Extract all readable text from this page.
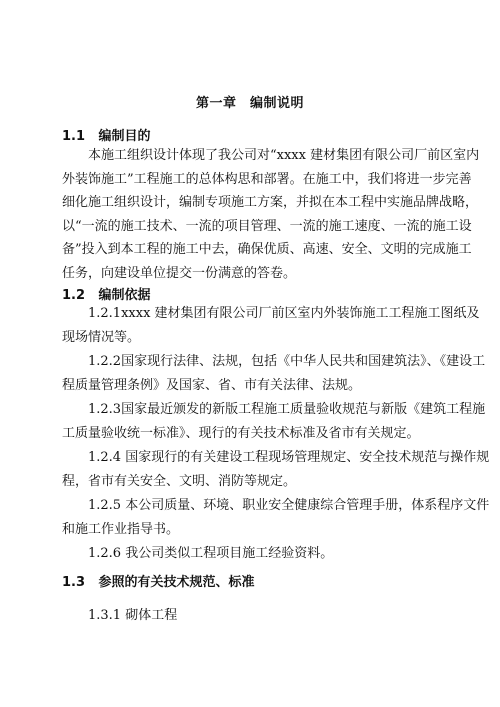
第一章　编制说明
1.1 编制目的
本施工组织设计体现了我公司对“xxxx 建材集团有限公司厂前区室内
外装饰施工”工程施工的总体构思和部署。在施工中，我们将进一步完善
细化施工组织设计，编制专项施工方案，并拟在本工程中实施品牌战略，
以“一流的施工技术、一流的项目管理、一流的施工速度、一流的施工设
备”投入到本工程的施工中去，确保优质、高速、安全、文明的完成施工
任务，向建设单位提交一份满意的答卷。
1.2 编制依据
1.2.1xxxx 建材集团有限公司厂前区室内外装饰施工工程施工图纸及
现场情况等。
1.2.2国家现行法律、法规，包括《中华人民共和国建筑法》、《建设工
程质量管理条例》及国家、省、市有关法律、法规。
1.2.3国家最近颁发的新版工程施工质量验收规范与新版《建筑工程施
工质量验收统一标准》、现行的有关技术标准及省市有关规定。
1.2.4 国家现行的有关建设工程现场管理规定、安全技术规范与操作规
程，省市有关安全、文明、消防等规定。
1.2.5 本公司质量、环境、职业安全健康综合管理手册，体系程序文件
和施工作业指导书。
1.2.6 我公司类似工程项目施工经验资料。
1.3 参照的有关技术规范、标准
1.3.1 砌体工程
